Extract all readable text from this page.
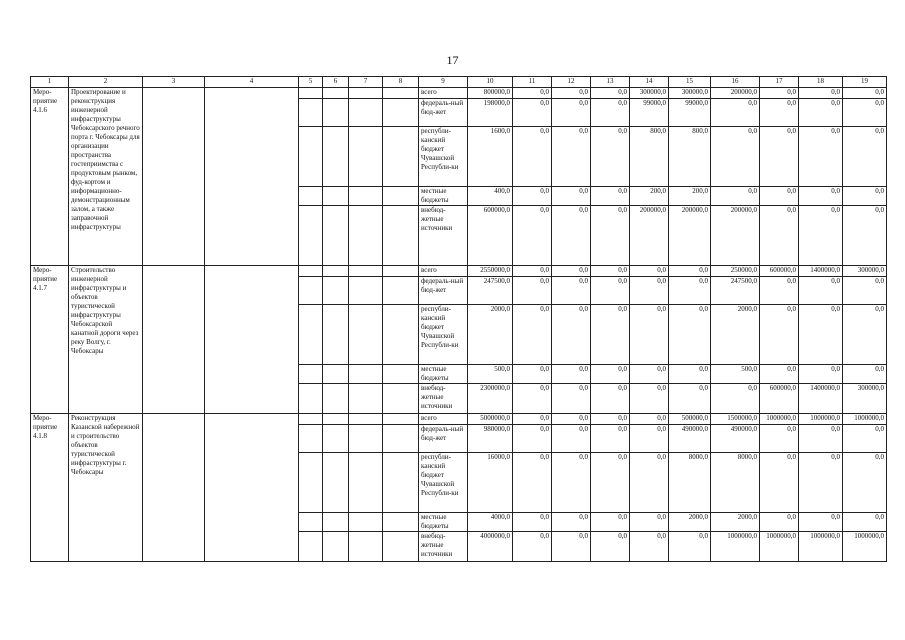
17
1	2	3	4	5	6	7	8	9	10	11	12	13	14	15	16	17	18	19
Меро-приятие 4.1.6	Проектирование и реконструкция инженерной инфраструктуры Чебоксарского речного порта г. Чебоксары для организации пространства гостеприимства с продуктовым рынком, фуд-кортом и информационно-демонстрационным залом, а также заправочной инфраструктуры							всего	800000,0	0,0	0,0	0,0	300000,0	300000,0	200000,0	0,0	0,0	0,0
								федераль-ный бюд-жет	198000,0	0,0	0,0	0,0	99000,0	99000,0	0,0	0,0	0,0	0,0
								республи-канский бюджет Чувашской Республи-ки	1600,0	0,0	0,0	0,0	800,0	800,0	0,0	0,0	0,0	0,0
								местные бюджеты	400,0	0,0	0,0	0,0	200,0	200,0	0,0	0,0	0,0	0,0
								внебюд-жетные источники	600000,0	0,0	0,0	0,0	200000,0	200000,0	200000,0	0,0	0,0	0,0
Меро-приятие 4.1.7	Строительство инженерной инфраструктуры и объектов туристической инфраструктуры Чебоксарской канатной дороги через реку Волгу, г. Чебоксары							всего	2550000,0	0,0	0,0	0,0	0,0	0,0	250000,0	600000,0	1400000,0	300000,0
								федераль-ный бюд-жет	247500,0	0,0	0,0	0,0	0,0	0,0	247500,0	0,0	0,0	0,0
								республи-канский бюджет Чувашской Республи-ки	2000,0	0,0	0,0	0,0	0,0	0,0	2000,0	0,0	0,0	0,0
								местные бюджеты	500,0	0,0	0,0	0,0	0,0	0,0	500,0	0,0	0,0	0,0
								внебюд-жетные источники	2300000,0	0,0	0,0	0,0	0,0	0,0	0,0	600000,0	1400000,0	300000,0
Меро-приятие 4.1.8	Реконструкция Казанской набережной и строительство объектов туристической инфраструктуры г. Чебоксары							всего	5000000,0	0,0	0,0	0,0	0,0	500000,0	1500000,0	1000000,0	1000000,0	1000000,0
								федераль-ный бюд-жет	980000,0	0,0	0,0	0,0	0,0	490000,0	490000,0	0,0	0,0	0,0
								республи-канский бюджет Чувашской Республи-ки	16000,0	0,0	0,0	0,0	0,0	8000,0	8000,0	0,0	0,0	0,0
								местные бюджеты	4000,0	0,0	0,0	0,0	0,0	2000,0	2000,0	0,0	0,0	0,0
								внебюд-жетные источники	4000000,0	0,0	0,0	0,0	0,0	0,0	1000000,0	1000000,0	1000000,0	1000000,0
